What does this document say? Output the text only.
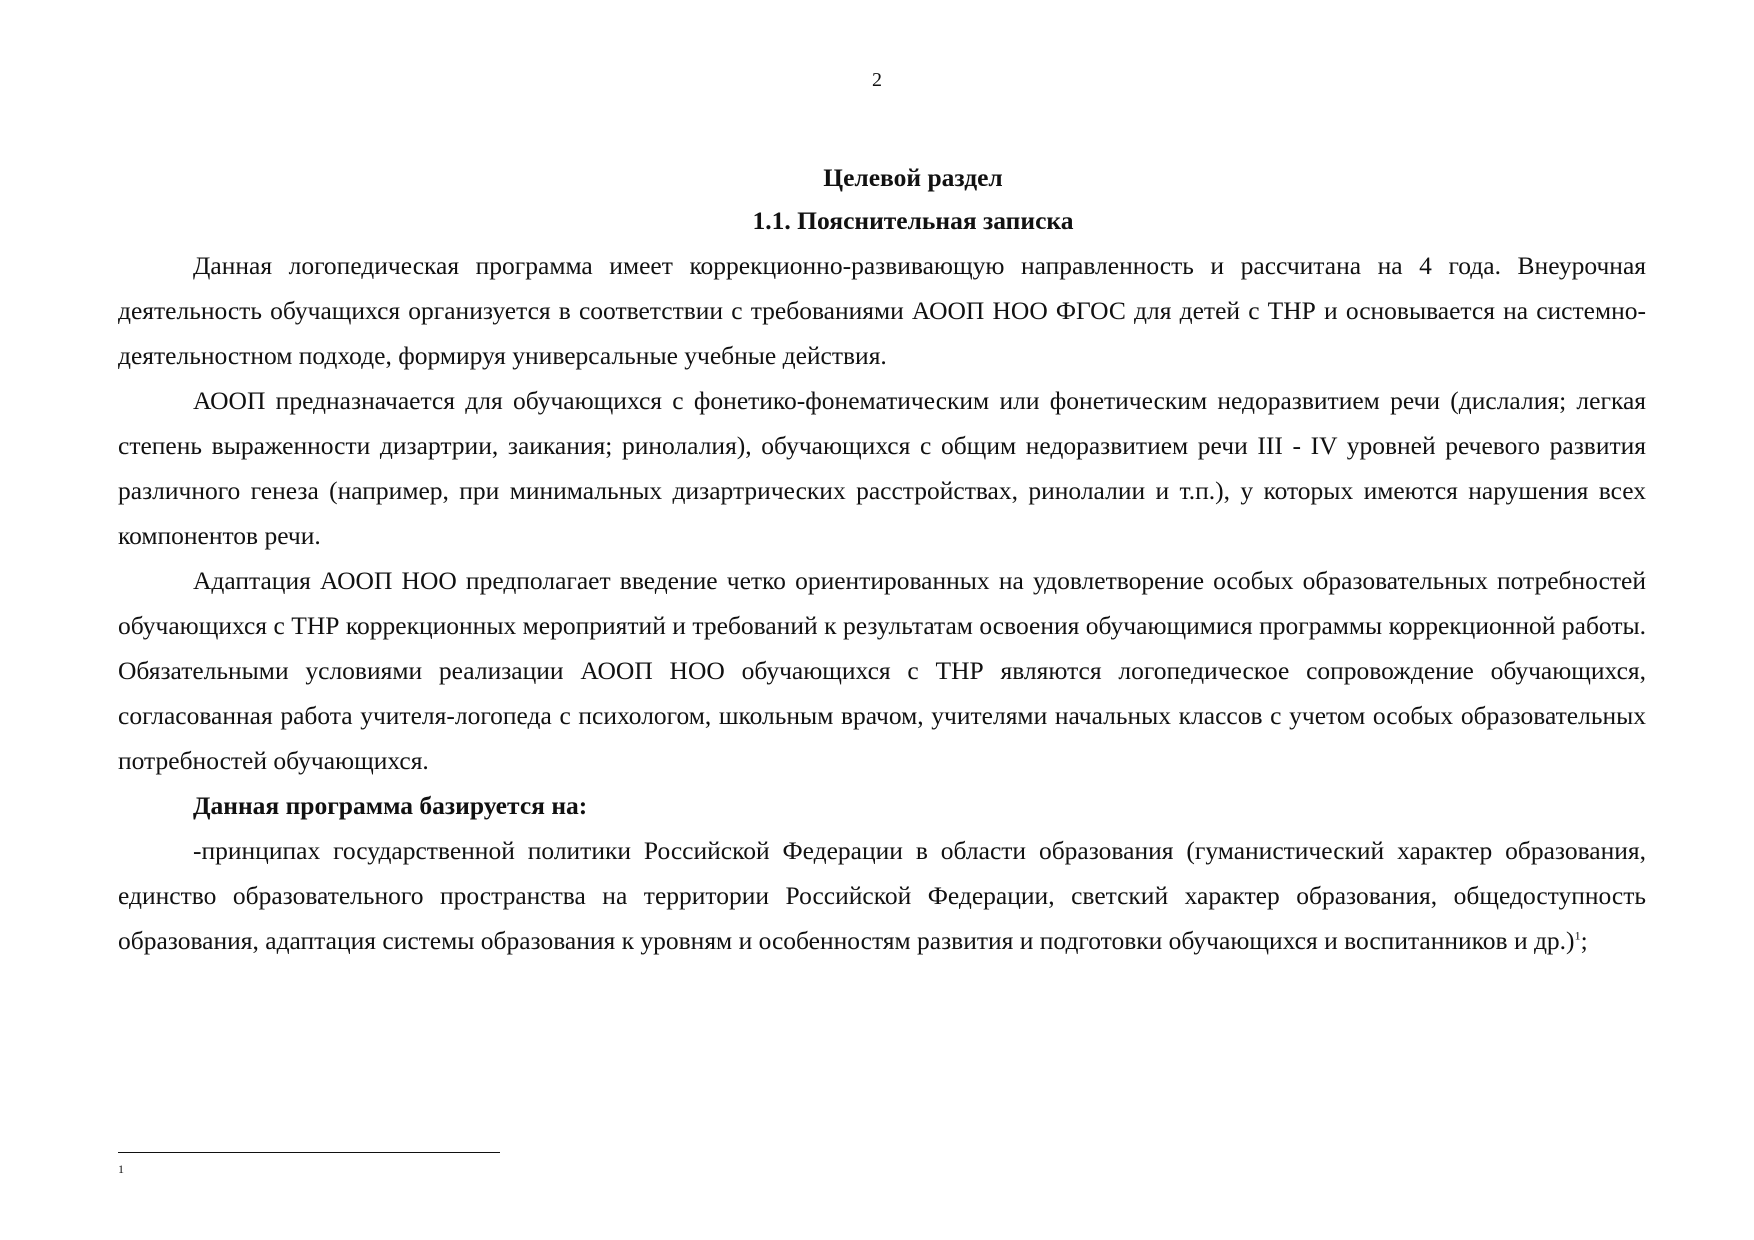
2
Целевой раздел
1.1. Пояснительная записка

Данная логопедическая программа имеет коррекционно-развивающую направленность и рассчитана на 4 года. Внеурочная деятельность обучащихся организуется в соответствии с требованиями АООП НОО ФГОС для детей с ТНР и основывается на системно-деятельностном подходе, формируя универсальные учебные действия.

АООП предназначается для обучающихся с фонетико-фонематическим или фонетическим недоразвитием речи (дислалия; легкая степень выраженности дизартрии, заикания; ринолалия), обучающихся с общим недоразвитием речи III - IV уровней речевого развития различного генеза (например, при минимальных дизартрических расстройствах, ринолалии и т.п.), у которых имеются нарушения всех компонентов речи.

Адаптация АООП НОО предполагает введение четко ориентированных на удовлетворение особых образовательных потребностей обучающихся с ТНР коррекционных мероприятий и требований к результатам освоения обучающимися программы коррекционной работы. Обязательными условиями реализации АООП НОО обучающихся с ТНР являются логопедическое сопровождение обучающихся, согласованная работа учителя-логопеда с психологом, школьным врачом, учителями начальных классов с учетом особых образовательных потребностей обучающихся.

Данная программа базируется на:

-принципах государственной политики Российской Федерации в области образования (гуманистический характер образования, единство образовательного пространства на территории Российской Федерации, светский характер образования, общедоступность образования, адаптация системы образования к уровням и особенностям развития и подготовки обучающихся и воспитанников и др.)$^1$;

1
